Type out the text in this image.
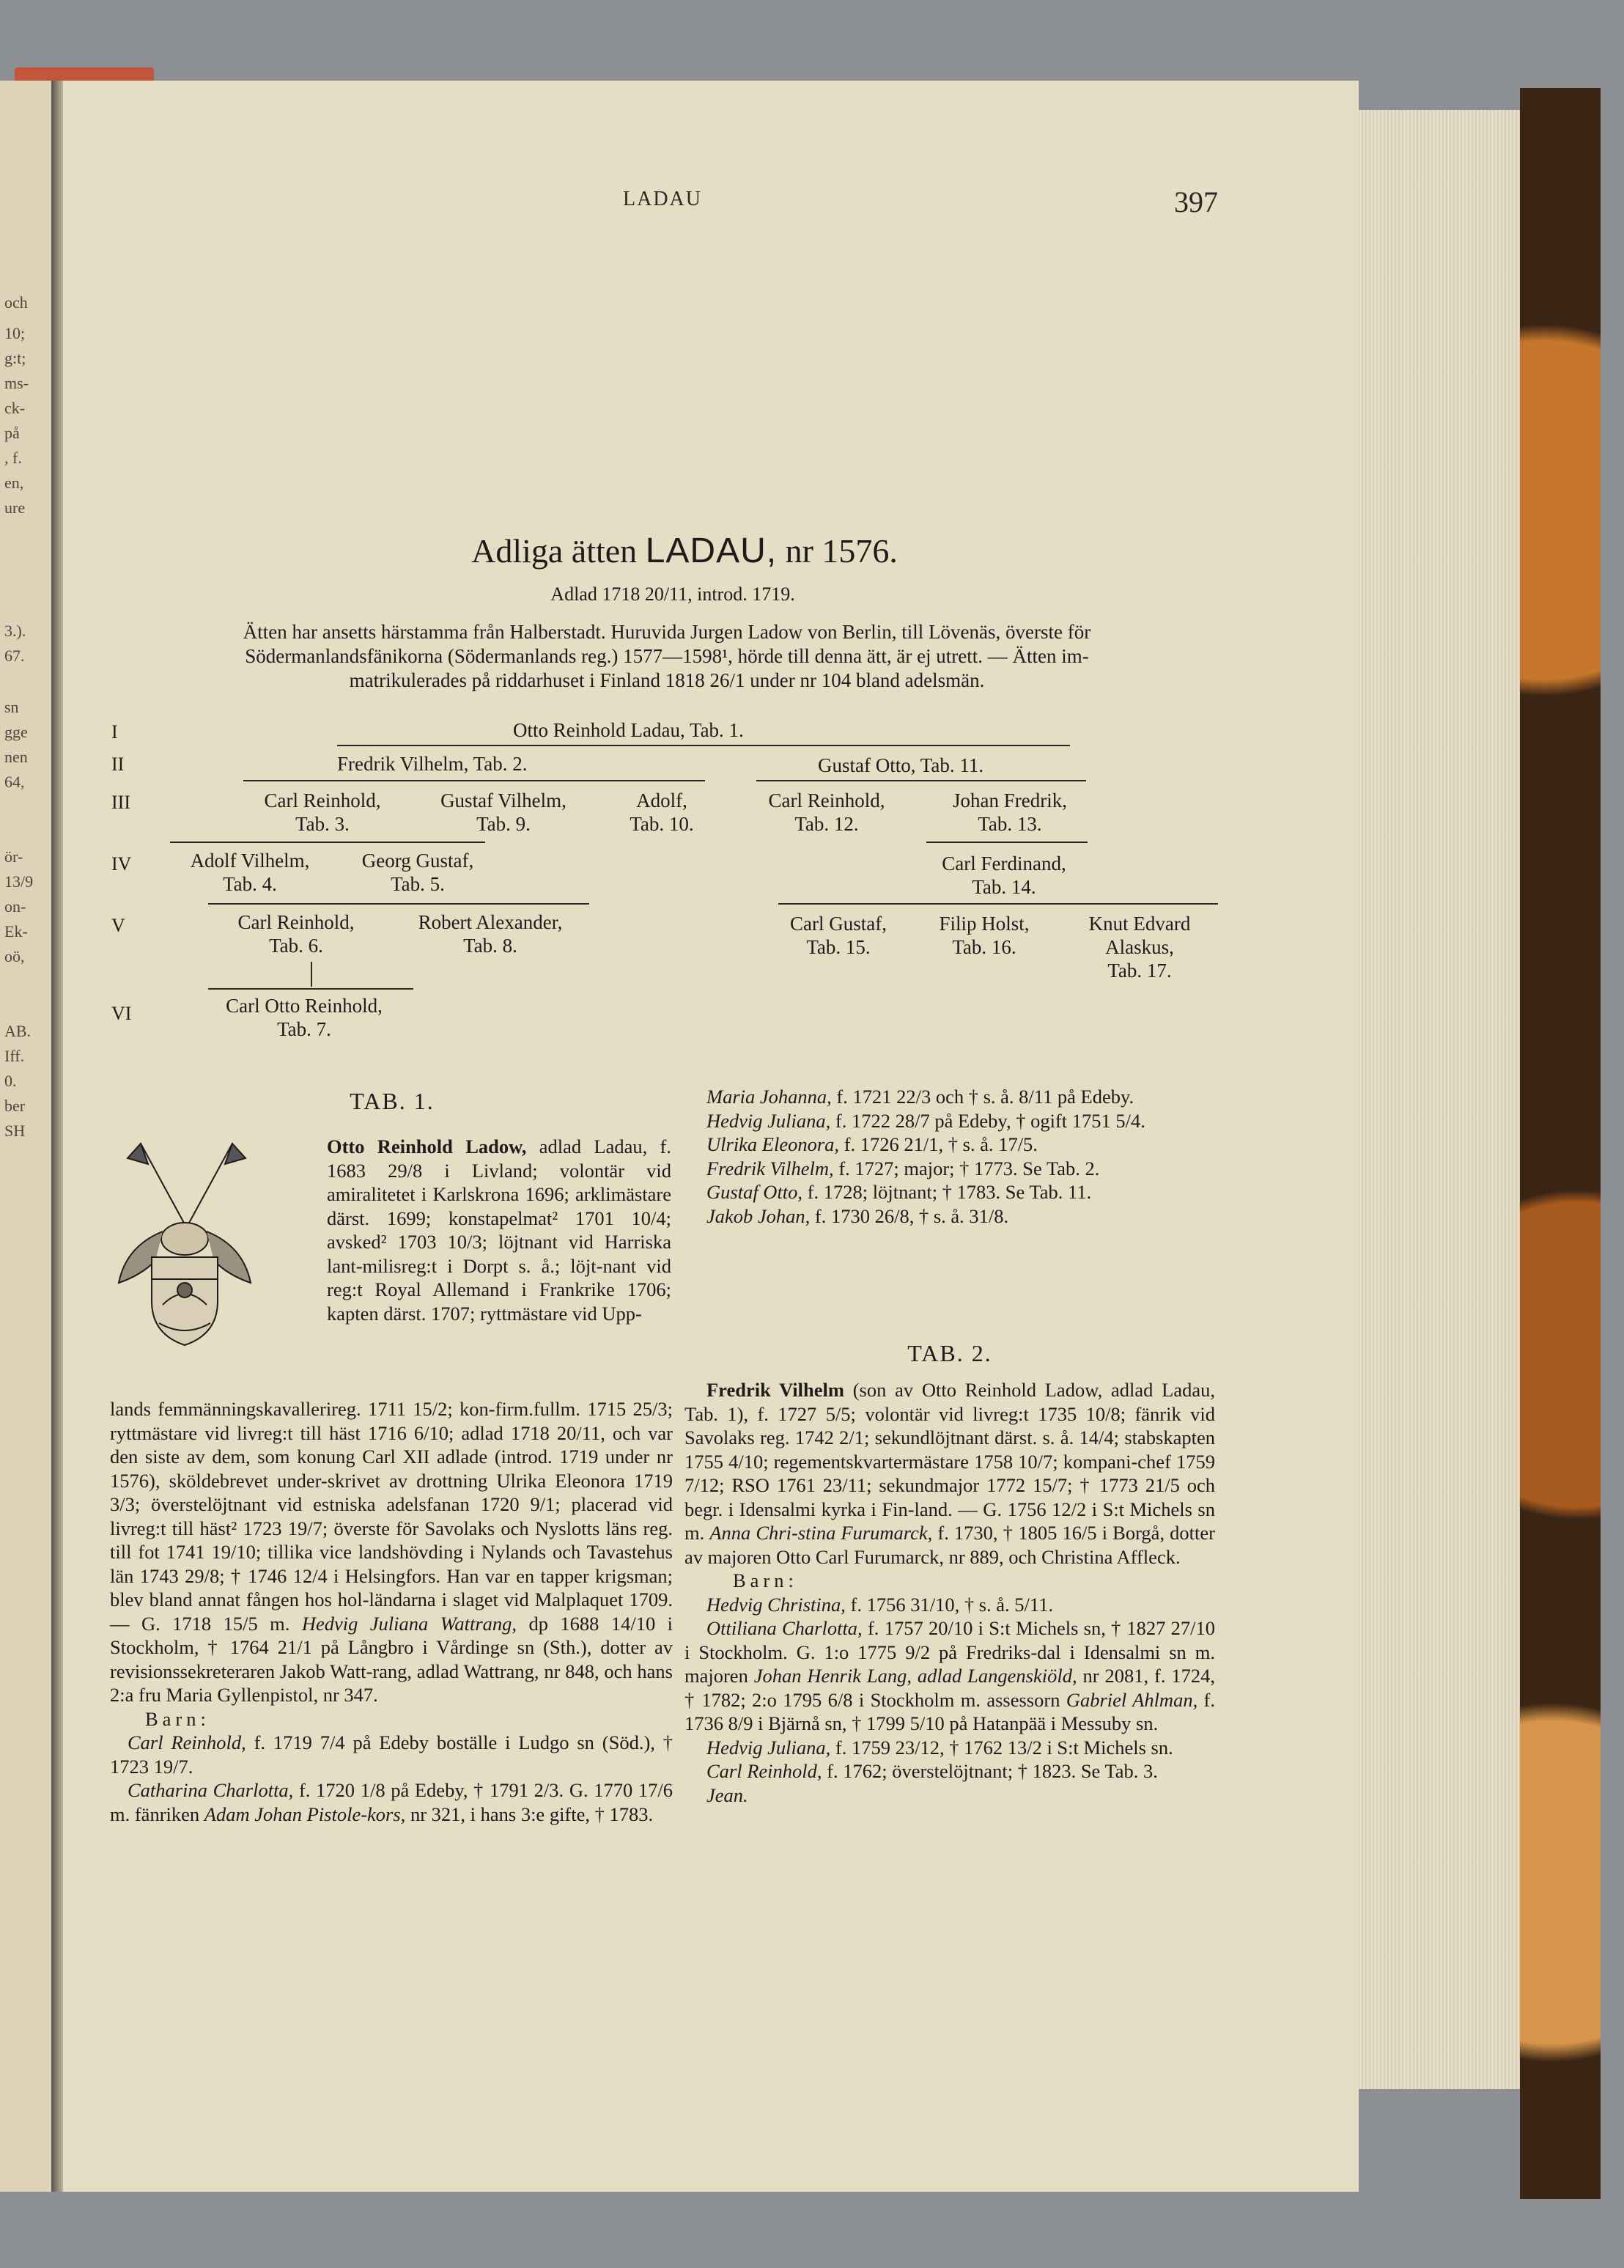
och
10;
g:t;
ms-
ck-
på
, f.
en,
ure
3.).
67.
sn
gge
nen
64,
ör-
13/9
on-
Ek-
oö,
AB.
Iff.
0.
ber
SH
LADAU	397
Adliga ätten LADAU, nr 1576.
Adlad 1718 20/11, introd. 1719.
Ätten har ansetts härstamma från Halberstadt. Huruvida Jurgen Ladow von Berlin, till Lövenäs, överste för
Södermanlandsfänikorna (Södermanlands reg.) 1577—1598¹, hörde till denna ätt, är ej utrett. — Ätten im-
matrikulerades på riddarhuset i Finland 1818 26/1 under nr 104 bland adelsmän.
I
II
III
IV
V
VI
Otto Reinhold Ladau, Tab. 1.
Fredrik Vilhelm, Tab. 2.	Gustaf Otto, Tab. 11.
Carl Reinhold,
Tab. 3.
Gustaf Vilhelm,
Tab. 9.
Adolf,
Tab. 10.
Carl Reinhold,
Tab. 12.
Johan Fredrik,
Tab. 13.
Adolf Vilhelm,
Tab. 4.
Georg Gustaf,
Tab. 5.
Carl Ferdinand,
Tab. 14.
Carl Reinhold,
Tab. 6.
Robert Alexander,
Tab. 8.
Carl Gustaf,
Tab. 15.
Filip Holst,
Tab. 16.
Knut Edvard
Alaskus,
Tab. 17.
Carl Otto Reinhold,
Tab. 7.
TAB. 1.

Otto Reinhold Ladow, adlad Ladau, f. 1683 29/8 i Livland; volontär vid amiralitetet i Karlskrona 1696; arklimästare därst. 1699; konstapelmat² 1701 10/4; avsked² 1703 10/3; löjtnant vid Harriska lant-milisreg:t i Dorpt s. å.; löjt-nant vid reg:t Royal Allemand i Frankrike 1706; kapten därst. 1707; ryttmästare vid Upp-

lands femmänningskavallerireg. 1711 15/2; kon-firm.fullm. 1715 25/3; ryttmästare vid livreg:t till häst 1716 6/10; adlad 1718 20/11, och var den siste av dem, som konung Carl XII adlade (introd. 1719 under nr 1576), sköldebrevet under-skrivet av drottning Ulrika Eleonora 1719 3/3; överstelöjtnant vid estniska adelsfanan 1720 9/1; placerad vid livreg:t till häst² 1723 19/7; överste för Savolaks och Nyslotts läns reg. till fot 1741 19/10; tillika vice landshövding i Nylands och Tavastehus län 1743 29/8; † 1746 12/4 i Helsingfors. Han var en tapper krigsman; blev bland annat fången hos hol-ländarna i slaget vid Malplaquet 1709. — G. 1718 15/5 m. Hedvig Juliana Wattrang, dp 1688 14/10 i Stockholm, † 1764 21/1 på Långbro i Vårdinge sn (Sth.), dotter av revisionssekreteraren Jakob Watt-rang, adlad Wattrang, nr 848, och hans 2:a fru Maria Gyllenpistol, nr 347.

Barn:

Carl Reinhold, f. 1719 7/4 på Edeby boställe i Ludgo sn (Söd.), † 1723 19/7.

Catharina Charlotta, f. 1720 1/8 på Edeby, † 1791 2/3. G. 1770 17/6 m. fänriken Adam Johan Pistole-kors, nr 321, i hans 3:e gifte, † 1783.

Maria Johanna, f. 1721 22/3 och † s. å. 8/11 på Edeby.

Hedvig Juliana, f. 1722 28/7 på Edeby, † ogift 1751 5/4.

Ulrika Eleonora, f. 1726 21/1, † s. å. 17/5.

Fredrik Vilhelm, f. 1727; major; † 1773. Se Tab. 2.

Gustaf Otto, f. 1728; löjtnant; † 1783. Se Tab. 11.

Jakob Johan, f. 1730 26/8, † s. å. 31/8.

TAB. 2.

Fredrik Vilhelm (son av Otto Reinhold Ladow, adlad Ladau, Tab. 1), f. 1727 5/5; volontär vid livreg:t 1735 10/8; fänrik vid Savolaks reg. 1742 2/1; sekundlöjtnant därst. s. å. 14/4; stabskapten 1755 4/10; regementskvartermästare 1758 10/7; kompani-chef 1759 7/12; RSO 1761 23/11; sekundmajor 1772 15/7; † 1773 21/5 och begr. i Idensalmi kyrka i Fin-land. — G. 1756 12/2 i S:t Michels sn m. Anna Chri-stina Furumarck, f. 1730, † 1805 16/5 i Borgå, dotter av majoren Otto Carl Furumarck, nr 889, och Christina Affleck.

Barn:

Hedvig Christina, f. 1756 31/10, † s. å. 5/11.

Ottiliana Charlotta, f. 1757 20/10 i S:t Michels sn, † 1827 27/10 i Stockholm. G. 1:o 1775 9/2 på Fredriks-dal i Idensalmi sn m. majoren Johan Henrik Lang, adlad Langenskiöld, nr 2081, f. 1724, † 1782; 2:o 1795 6/8 i Stockholm m. assessorn Gabriel Ahlman, f. 1736 8/9 i Bjärnå sn, † 1799 5/10 på Hatanpää i Messuby sn.

Hedvig Juliana, f. 1759 23/12, † 1762 13/2 i S:t Michels sn.

Carl Reinhold, f. 1762; överstelöjtnant; † 1823. Se Tab. 3.

Jean.
